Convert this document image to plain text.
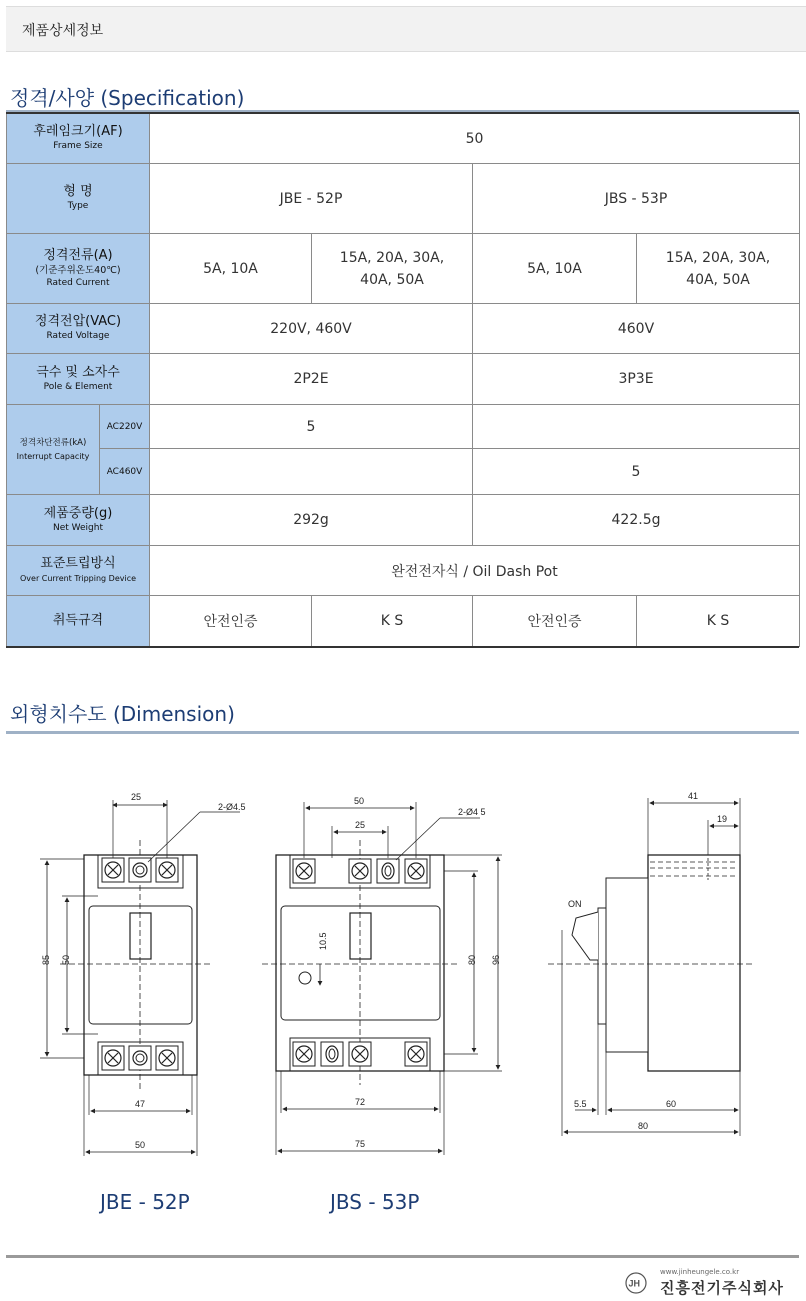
제품상세정보
정격/사양 (Specification)
후레임크기(AF)
Frame Size		50			

형 명
Type		JBE - 52P		JBS - 53P	

정격전류(A)
(기준주위온도40℃)
Rated Current		5A, 10A	15A, 20A, 30A, 40A, 50A	5A, 10A	15A, 20A, 30A, 40A, 50A

정격전압(VAC)
Rated Voltage		220V, 460V		460V	

극수 및 소자수
Pole & Element		2P2E		3P3E	

정격차단전류(kA)
Interrupt Capacity	AC220V	5			
	AC460V			5	

제품중량(g)
Net Weight		292g		422.5g	

표준트립방식
Over Current Tripping Device		완전전자식 / Oil Dash Pot			

취득규격		안전인증	K S	안전인증	K S
외형치수도 (Dimension)
25
2-Ø4.5
85 50
47
50
50
25
2-Ø4 5
80 96
10.5
72
75
41
19
ON
5.5	60
80
JBE - 52P	JBS - 53P
JH
www.jinheungele.co.kr
진흥전기주식회사
